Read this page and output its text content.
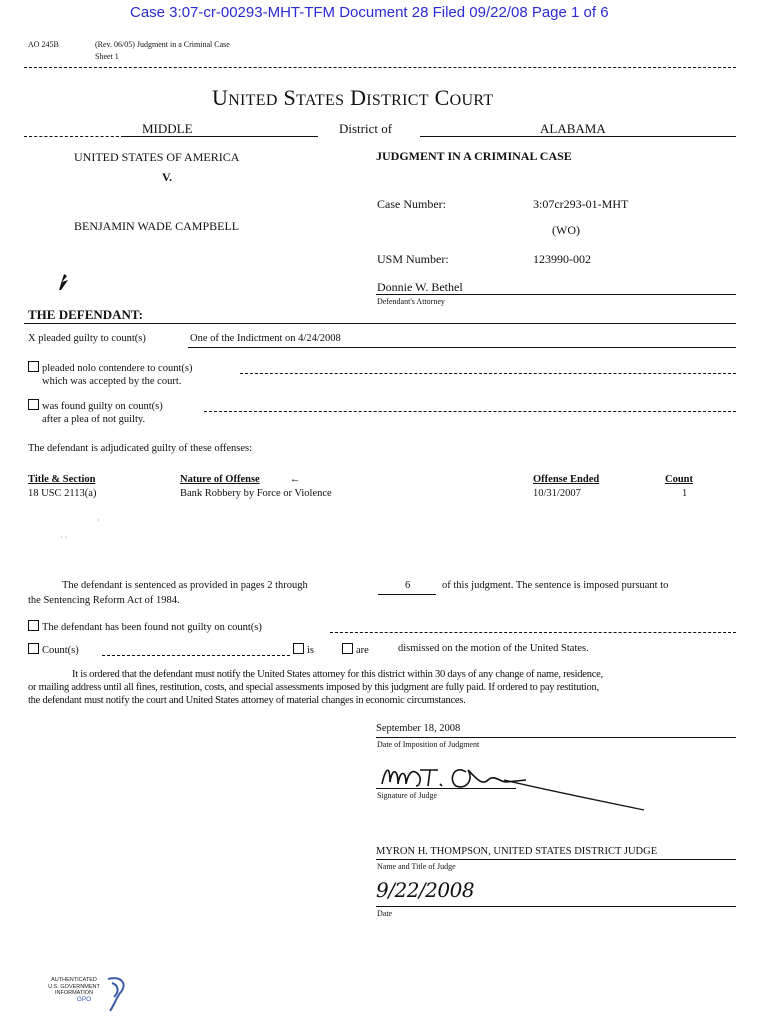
Case 3:07-cr-00293-MHT-TFM Document 28 Filed 09/22/08 Page 1 of 6
AO 245B	(Rev. 06/05) Judgment in a Criminal Case
Sheet 1
UNITED STATES DISTRICT COURT
MIDDLE	District of	ALABAMA
UNITED STATES OF AMERICA
V.
BENJAMIN WADE CAMPBELL
JUDGMENT IN A CRIMINAL CASE
Case Number:	3:07cr293-01-MHT
(WO)
USM Number:	123990-002
Donnie W. Bethel
Defendant's Attorney
THE DEFENDANT:
X pleaded guilty to count(s)	One of the Indictment on 4/24/2008
pleaded nolo contendere to count(s)
which was accepted by the court.
was found guilty on count(s)
after a plea of not guilty.
The defendant is adjudicated guilty of these offenses:
Title & Section	Nature of Offense	←	Offense Ended	Count
18 USC 2113(a)	Bank Robbery by Force or Violence	10/31/2007	1
·
· ·
The defendant is sentenced as provided in pages 2 through	6	of this judgment. The sentence is imposed pursuant to
the Sentencing Reform Act of 1984.
The defendant has been found not guilty on count(s)
Count(s)	is	are	dismissed on the motion of the United States.
It is ordered that the defendant must notify the United States attorney for this district within 30 days of any change of name, residence,
or mailing address until all fines, restitution, costs, and special assessments imposed by this judgment are fully paid. If ordered to pay restitution,
the defendant must notify the court and United States attorney of material changes in economic circumstances.
September 18, 2008
Date of Imposition of Judgment
Signature of Judge
MYRON H. THOMPSON, UNITED STATES DISTRICT JUDGE
Name and Title of Judge
9/22/2008
Date
AUTHENTICATED
U.S. GOVERNMENT
INFORMATION
GPO
